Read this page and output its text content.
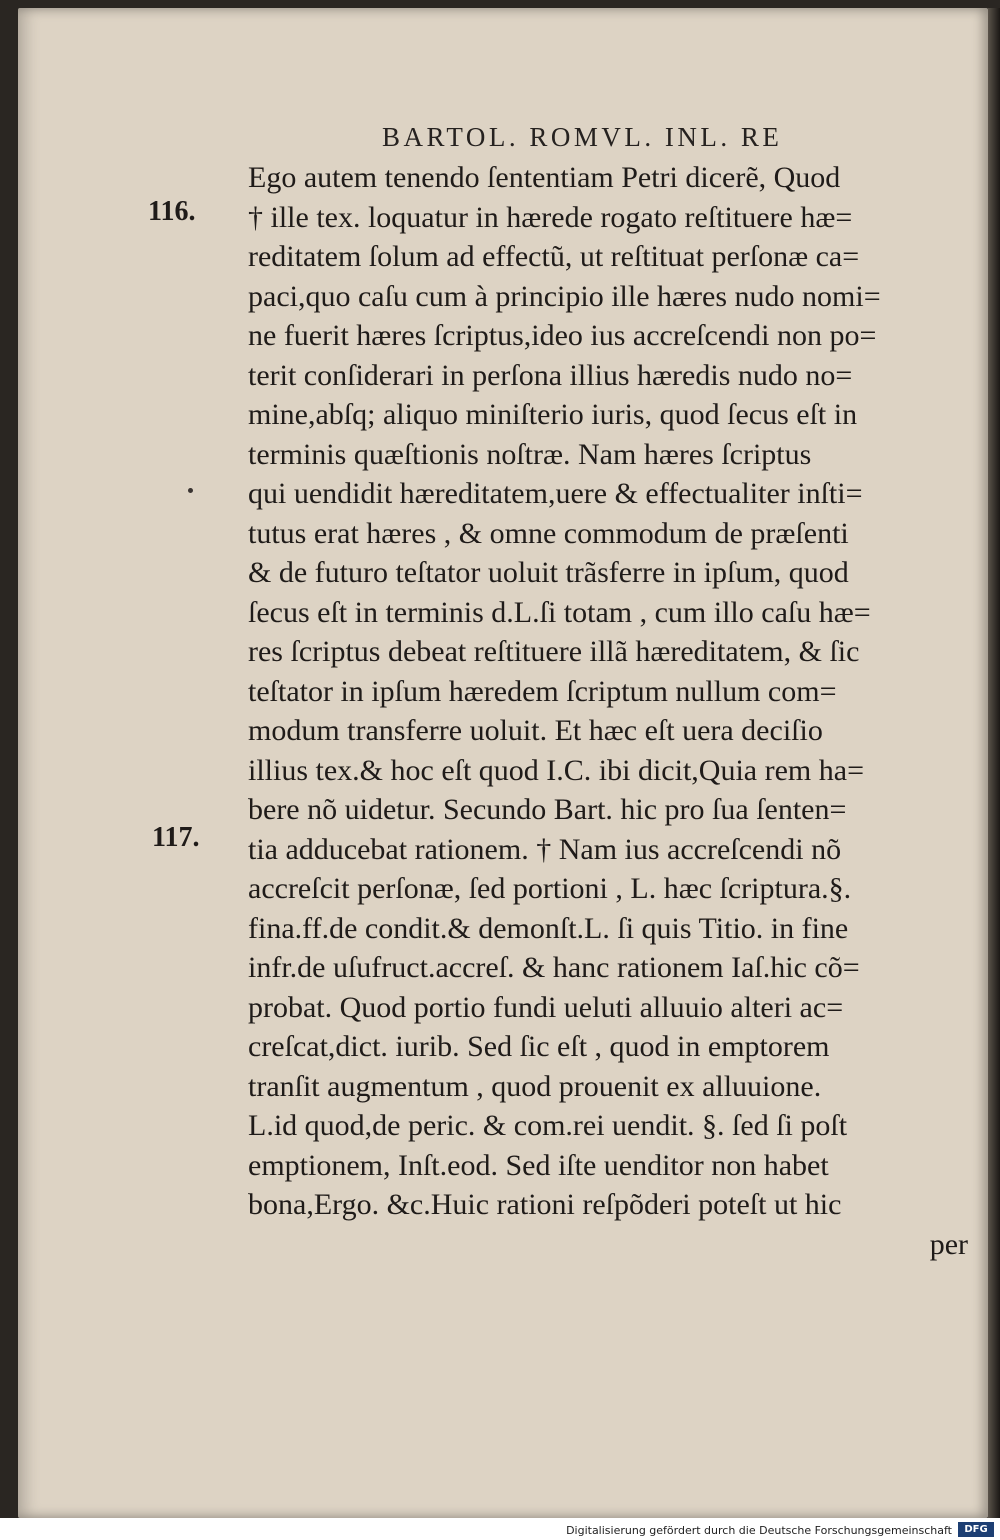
BARTOL. ROMVL. INL. RE
116.
117.
Ego autem tenendo ſententiam Petri dicerẽ, Quod
† ille tex. loquatur in hærede rogato reſtituere hæ=
reditatem ſolum ad effectũ, ut reſtituat perſonæ ca=
paci,quo caſu cum à principio ille hæres nudo nomi=
ne fuerit hæres ſcriptus,ideo ius accreſcendi non po=
terit conſiderari in perſona illius hæredis nudo no=
mine,abſq; aliquo miniſterio iuris, quod ſecus eſt in
terminis quæſtionis noſtræ. Nam hæres ſcriptus
qui uendidit hæreditatem,uere & effectualiter inſti=
tutus erat hæres , & omne commodum de præſenti
& de futuro teſtator uoluit trãsferre in ipſum, quod
ſecus eſt in terminis d.L.ſi totam , cum illo caſu hæ=
res ſcriptus debeat reſtituere illã hæreditatem, & ſic
teſtator in ipſum hæredem ſcriptum nullum com=
modum transferre uoluit. Et hæc eſt uera deciſio
illius tex.& hoc eſt quod I.C. ibi dicit,Quia rem ha=
bere nõ uidetur. Secundo Bart. hic pro ſua ſenten=
tia adducebat rationem. † Nam ius accreſcendi nõ
accreſcit perſonæ, ſed portioni , L. hæc ſcriptura.§.
fina.ff.de condit.& demonſt.L. ſi quis Titio. in fine
infr.de uſufruct.accreſ. & hanc rationem Iaſ.hic cõ=
probat. Quod portio fundi ueluti alluuio alteri ac=
creſcat,dict. iurib. Sed ſic eſt , quod in emptorem
tranſit augmentum , quod prouenit ex alluuione.
L.id quod,de peric. & com.rei uendit. §. ſed ſi poſt
emptionem, Inſt.eod. Sed iſte uenditor non habet
bona,Ergo. &c.Huic rationi reſpõderi poteſt ut hic
per
Digitalisierung gefördert durch die Deutsche Forschungsgemeinschaft	DFG
